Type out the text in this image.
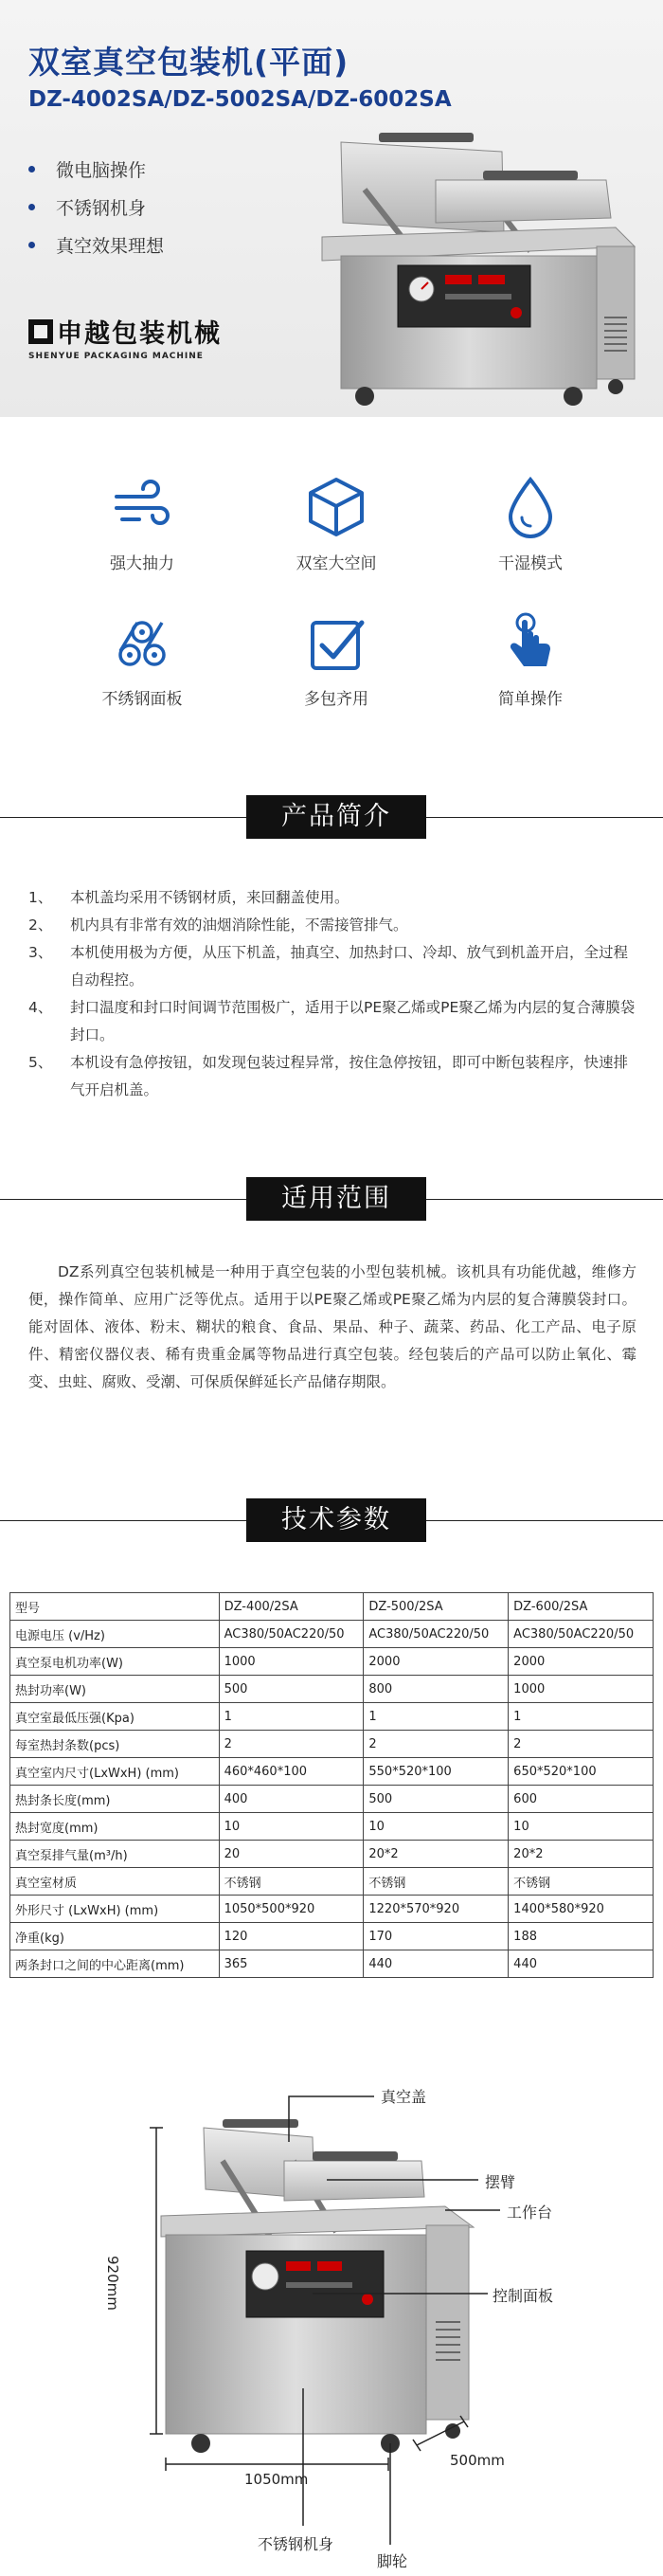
双室真空包装机(平面)
DZ-4002SA/DZ-5002SA/DZ-6002SA
微电脑操作
不锈钢机身
真空效果理想
申越包装机械
SHENYUE PACKAGING MACHINE
强大抽力	双室大空间	干湿模式
不绣钢面板	多包齐用	简单操作
产品简介
1、	本机盖均采用不锈钢材质，来回翻盖使用。
2、	机内具有非常有效的油烟消除性能，不需接管排气。
3、	本机使用极为方便，从压下机盖，抽真空、加热封口、冷却、放气到机盖开启，全过程自动程控。
4、	封口温度和封口时间调节范围极广，适用于以PE聚乙烯或PE聚乙烯为内层的复合薄膜袋封口。
5、	本机设有急停按钮，如发现包装过程异常，按住急停按钮，即可中断包装程序，快速排气开启机盖。
适用范围
DZ系列真空包装机械是一种用于真空包装的小型包装机械。该机具有功能优越，维修方便，操作简单、应用广泛等优点。适用于以PE聚乙烯或PE聚乙烯为内层的复合薄膜袋封口。能对固体、液体、粉末、糊状的粮食、食品、果品、种子、蔬菜、药品、化工产品、电子原件、精密仪器仪表、稀有贵重金属等物品进行真空包装。经包装后的产品可以防止氧化、霉变、虫蛀、腐败、受潮、可保质保鲜延长产品储存期限。
技术参数
型号	DZ-400/2SA	DZ-500/2SA	DZ-600/2SA
电源电压 (v/Hz)	AC380/50AC220/50	AC380/50AC220/50	AC380/50AC220/50
真空泵电机功率(W)	1000	2000	2000
热封功率(W)	500	800	1000
真空室最低压强(Kpa)	1	1	1
每室热封条数(pcs)	2	2	2
真空室内尺寸(LxWxH) (mm)	460*460*100	550*520*100	650*520*100
热封条长度(mm)	400	500	600
热封宽度(mm)	10	10	10
真空泵排气量(m³/h)	20	20*2	20*2
真空室材质	不锈钢	不锈钢	不锈钢
外形尺寸 (LxWxH) (mm)	1050*500*920	1220*570*920	1400*580*920
净重(kg)	120	170	188
两条封口之间的中心距离(mm)	365	440	440
真空盖
摆臂
工作台
控制面板
不锈钢机身
脚轮
920mm
1050mm
500mm
